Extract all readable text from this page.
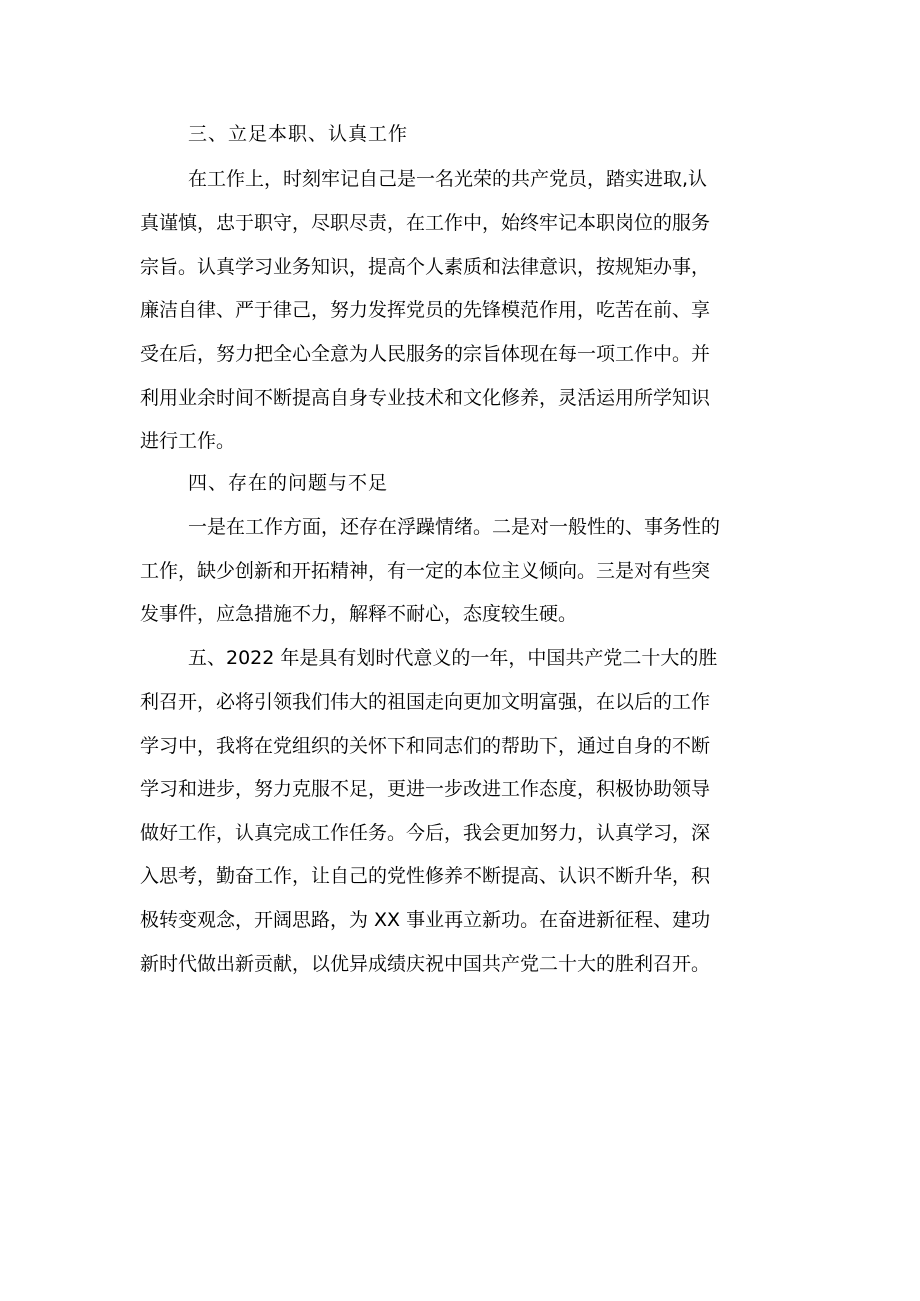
三、立足本职、认真工作
在工作上，时刻牢记自己是一名光荣的共产党员，踏实进取,认
真谨慎，忠于职守，尽职尽责，在工作中，始终牢记本职岗位的服务
宗旨。认真学习业务知识，提高个人素质和法律意识，按规矩办事，
廉洁自律、严于律己，努力发挥党员的先锋模范作用，吃苦在前、享
受在后，努力把全心全意为人民服务的宗旨体现在每一项工作中。并
利用业余时间不断提高自身专业技术和文化修养，灵活运用所学知识
进行工作。
四、存在的问题与不足
一是在工作方面，还存在浮躁情绪。二是对一般性的、事务性的
工作，缺少创新和开拓精神，有一定的本位主义倾向。三是对有些突
发事件，应急措施不力，解释不耐心，态度较生硬。
五、2022 年是具有划时代意义的一年，中国共产党二十大的胜
利召开，必将引领我们伟大的祖国走向更加文明富强，在以后的工作
学习中，我将在党组织的关怀下和同志们的帮助下，通过自身的不断
学习和进步，努力克服不足，更进一步改进工作态度，积极协助领导
做好工作，认真完成工作任务。今后，我会更加努力，认真学习，深
入思考，勤奋工作，让自己的党性修养不断提高、认识不断升华，积
极转变观念，开阔思路，为 XX 事业再立新功。在奋进新征程、建功
新时代做出新贡献，以优异成绩庆祝中国共产党二十大的胜利召开。
